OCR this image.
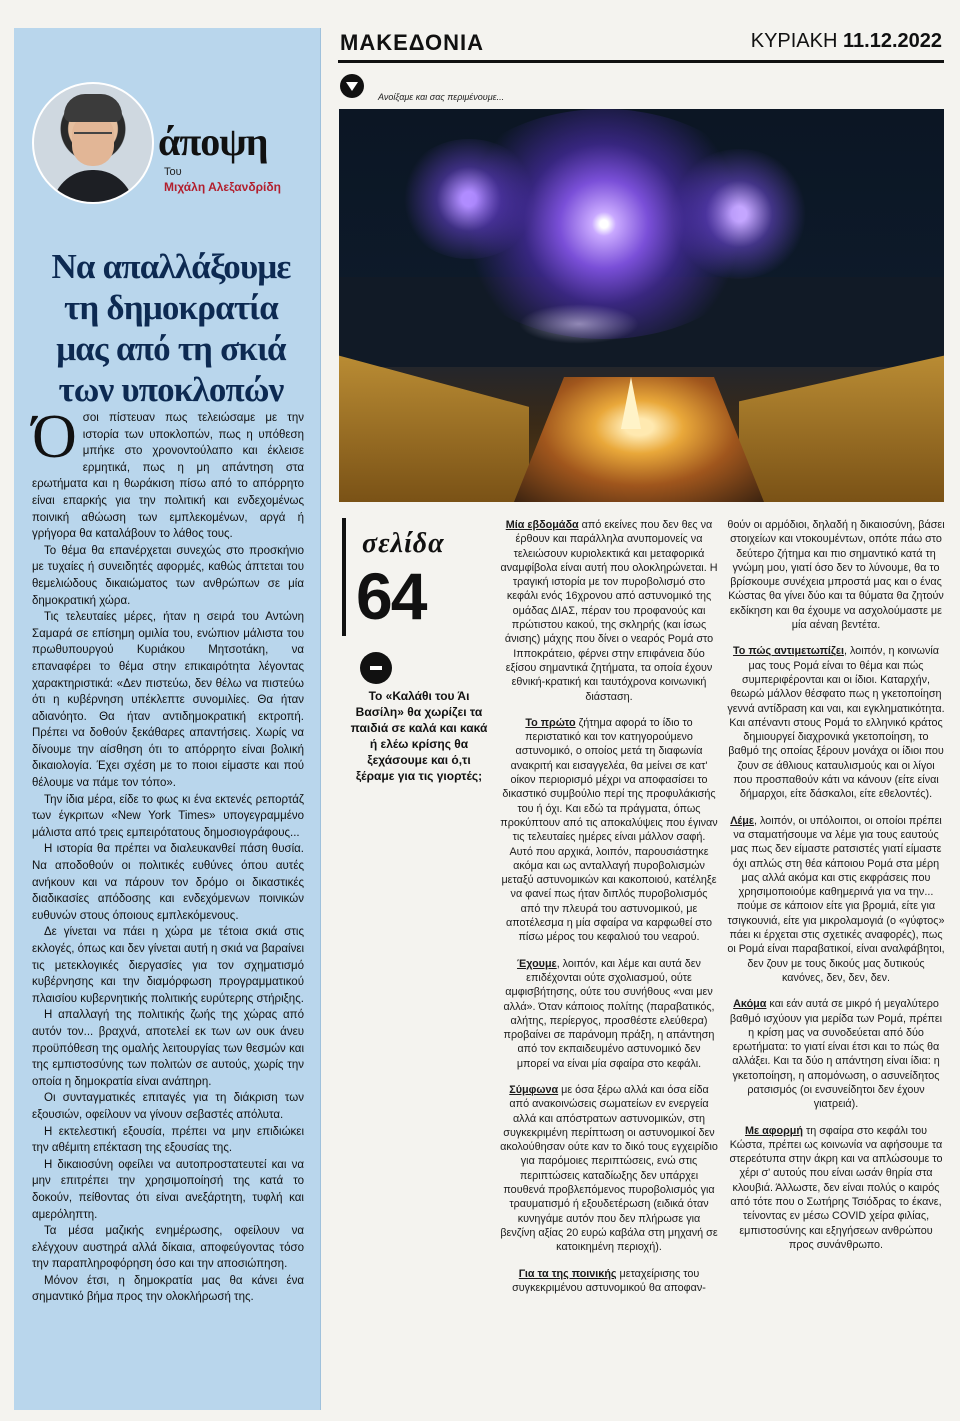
άποψη
Του
Μιχάλη Αλεξανδρίδη
Να απαλλάξουμε τη δημοκρατία μας από τη σκιά των υποκλοπών

Όσοι πίστευαν πως τελειώσαμε με την ιστορία των υποκλοπών, πως η υπόθεση μπήκε στο χρονοντούλαπο και έκλεισε ερμητικά, πως η μη απάντηση στα ερωτήματα και η θωράκιση πίσω από το απόρρητο είναι επαρκής για την πολιτική και ενδεχομένως ποινική αθώωση των εμπλεκομένων, αργά ή γρήγορα θα καταλάβουν το λάθος τους.

Το θέμα θα επανέρχεται συνεχώς στο προσκήνιο με τυχαίες ή συνειδητές αφορμές, καθώς άπτεται του θεμελιώδους δικαιώματος των ανθρώπων σε μία δημοκρατική χώρα.

Τις τελευταίες μέρες, ήταν η σειρά του Αντώνη Σαμαρά σε επίσημη ομιλία του, ενώπιον μάλιστα του πρωθυπουργού Κυριάκου Μητσοτάκη, να επαναφέρει το θέμα στην επικαιρότητα λέγοντας χαρακτηριστικά: «Δεν πιστεύω, δεν θέλω να πιστεύω ότι η κυβέρνηση υπέκλεπτε συνομιλίες. Θα ήταν αδιανόητο. Θα ήταν αντιδημοκρατική εκτροπή. Πρέπει να δοθούν ξεκάθαρες απαντήσεις. Χωρίς να δίνουμε την αίσθηση ότι το απόρρητο είναι βολική δικαιολογία. Έχει σχέση με το ποιοι είμαστε και πού θέλουμε να πάμε τον τόπο».

Την ίδια μέρα, είδε το φως κι ένα εκτενές ρεπορτάζ των έγκριτων «New York Times» υπογεγραμμένο μάλιστα από τρεις εμπειρότατους δημοσιογράφους...

Η ιστορία θα πρέπει να διαλευκανθεί πάση θυσία. Να αποδοθούν οι πολιτικές ευθύνες όπου αυτές ανήκουν και να πάρουν τον δρόμο οι δικαστικές διαδικασίες απόδοσης και ενδεχόμενων ποινικών ευθυνών στους όποιους εμπλεκόμενους.

Δε γίνεται να πάει η χώρα με τέτοια σκιά στις εκλογές, όπως και δεν γίνεται αυτή η σκιά να βαραίνει τις μετεκλογικές διεργασίες για τον σχηματισμό κυβέρνησης και την διαμόρφωση προγραμματικού πλαισίου κυβερνητικής πολιτικής ευρύτερης στήριξης.

Η απαλλαγή της πολιτικής ζωής της χώρας από αυτόν τον... βραχνά, αποτελεί εκ των ων ουκ άνευ προϋπόθεση της ομαλής λειτουργίας των θεσμών και της εμπιστοσύνης των πολιτών σε αυτούς, χωρίς την οποία η δημοκρατία είναι ανάπηρη.

Οι συνταγματικές επιταγές για τη διάκριση των εξουσιών, οφείλουν να γίνουν σεβαστές απόλυτα.

Η εκτελεστική εξουσία, πρέπει να μην επιδιώκει την αθέμιτη επέκταση της εξουσίας της.

Η δικαιοσύνη οφείλει να αυτοπροστατευτεί και να μην επιτρέπει την χρησιμοποίησή της κατά το δοκούν, πείθοντας ότι είναι ανεξάρτητη, τυφλή και αμερόληπτη.

Τα μέσα μαζικής ενημέρωσης, οφείλουν να ελέγχουν αυστηρά αλλά δίκαια, αποφεύγοντας τόσο την παραπληροφόρηση όσο και την αποσιώπηση.

Μόνον έτσι, η δημοκρατία μας θα κάνει ένα σημαντικό βήμα προς την ολοκλήρωσή της.

ΜΑΚΕΔΟΝΙΑ	ΚΥΡΙΑΚΗ 11.12.2022
Ανοίξαμε και σας περιμένουμε...
σελίδα
64
Το «Καλάθι του Άι Βασίλη» θα χωρίζει τα παιδιά σε καλά και κακά ή ελέω κρίσης θα ξεχάσουμε και ό,τι ξέραμε για τις γιορτές;

Μία εβδομάδα από εκείνες που δεν θες να έρθουν και παράλληλα ανυπομονείς να τελειώσουν κυριολεκτικά και μεταφορικά αναμφίβολα είναι αυτή που ολοκληρώνεται. Η τραγική ιστορία με τον πυροβολισμό στο κεφάλι ενός 16χρονου από αστυνομικό της ομάδας ΔΙΑΣ, πέραν του προφανούς και πρώτιστου κακού, της σκληρής (και ίσως άνισης) μάχης που δίνει ο νεαρός Ρομά στο Ιπποκράτειο, φέρνει στην επιφάνεια δύο εξίσου σημαντικά ζητήματα, τα οποία έχουν εθνική-κρατική και ταυτόχρονα κοινωνική διάσταση.

Το πρώτο ζήτημα αφορά το ίδιο το περιστατικό και τον κατηγορούμενο αστυνομικό, ο οποίος μετά τη διαφωνία ανακριτή και εισαγγελέα, θα μείνει σε κατ' οίκον περιορισμό μέχρι να αποφασίσει το δικαστικό συμβούλιο περί της προφυλάκισής του ή όχι. Και εδώ τα πράγματα, όπως προκύπτουν από τις αποκαλύψεις που έγιναν τις τελευταίες ημέρες είναι μάλλον σαφή. Αυτό που αρχικά, λοιπόν, παρουσιάστηκε ακόμα και ως ανταλλαγή πυροβολισμών μεταξύ αστυνομικών και κακοποιού, κατέληξε να φανεί πως ήταν διπλός πυροβολισμός από την πλευρά του αστυνομικού, με αποτέλεσμα η μία σφαίρα να καρφωθεί στο πίσω μέρος του κεφαλιού του νεαρού.

Έχουμε, λοιπόν, και λέμε και αυτά δεν επιδέχονται ούτε σχολιασμού, ούτε αμφισβήτησης, ούτε του συνήθους «ναι μεν αλλά». Όταν κάποιος πολίτης (παραβατικός, αλήτης, περίεργος, προσθέστε ελεύθερα) προβαίνει σε παράνομη πράξη, η απάντηση από τον εκπαιδευμένο αστυνομικό δεν μπορεί να είναι μία σφαίρα στο κεφάλι.

Σύμφωνα με όσα ξέρω αλλά και όσα είδα από ανακοινώσεις σωματείων εν ενεργεία αλλά και απόστρατων αστυνομικών, στη συγκεκριμένη περίπτωση οι αστυνομικοί δεν ακολούθησαν ούτε καν το δικό τους εγχειρίδιο για παρόμοιες περιπτώσεις, ενώ στις περιπτώσεις καταδίωξης δεν υπάρχει πουθενά προβλεπόμενος πυροβολισμός για τραυματισμό ή εξουδετέρωση (ειδικά όταν κυνηγάμε αυτόν που δεν πλήρωσε για βενζίνη αξίας 20 ευρώ καβάλα στη μηχανή σε κατοικημένη περιοχή).

Για τα της ποινικής μεταχείρισης του συγκεκριμένου αστυνομικού θα αποφαν-

θούν οι αρμόδιοι, δηλαδή η δικαιοσύνη, βάσει στοιχείων και ντοκουμέντων, οπότε πάω στο δεύτερο ζήτημα και πιο σημαντικό κατά τη γνώμη μου, γιατί όσο δεν το λύνουμε, θα το βρίσκουμε συνέχεια μπροστά μας και ο ένας Κώστας θα γίνει δύο και τα θύματα θα ζητούν εκδίκηση και θα έχουμε να ασχολούμαστε με μία αέναη βεντέτα.

Το πώς αντιμετωπίζει, λοιπόν, η κοινωνία μας τους Ρομά είναι το θέμα και πώς συμπεριφέρονται και οι ίδιοι. Καταρχήν, θεωρώ μάλλον θέσφατο πως η γκετοποίηση γεννά αντίδραση και ναι, και εγκληματικότητα. Και απέναντι στους Ρομά το ελληνικό κράτος δημιουργεί διαχρονικά γκετοποίηση, το βαθμό της οποίας ξέρουν μονάχα οι ίδιοι που ζουν σε άθλιους καταυλισμούς και οι λίγοι που προσπαθούν κάτι να κάνουν (είτε είναι δήμαρχοι, είτε δάσκαλοι, είτε εθελοντές).

Λέμε, λοιπόν, οι υπόλοιποι, οι οποίοι πρέπει να σταματήσουμε να λέμε για τους εαυτούς μας πως δεν είμαστε ρατσιστές γιατί είμαστε όχι απλώς στη θέα κάποιου Ρομά στα μέρη μας αλλά ακόμα και στις εκφράσεις που χρησιμοποιούμε καθημερινά για να την... πούμε σε κάποιον είτε για βρομιά, είτε για τσιγκουνιά, είτε για μικρολαμογιά (ο «γύφτος» πάει κι έρχεται στις σχετικές αναφορές), πως οι Ρομά είναι παραβατικοί, είναι αναλφάβητοι, δεν ζουν με τους δικούς μας δυτικούς κανόνες, δεν, δεν, δεν.

Ακόμα και εάν αυτά σε μικρό ή μεγαλύτερο βαθμό ισχύουν για μερίδα των Ρομά, πρέπει η κρίση μας να συνοδεύεται από δύο ερωτήματα: το γιατί είναι έτσι και το πώς θα αλλάξει. Και τα δύο η απάντηση είναι ίδια: η γκετοποίηση, η απομόνωση, ο ασυνείδητος ρατσισμός (οι ενσυνείδητοι δεν έχουν γιατρειά).

Με αφορμή τη σφαίρα στο κεφάλι του Κώστα, πρέπει ως κοινωνία να αφήσουμε τα στερεότυπα στην άκρη και να απλώσουμε το χέρι σ' αυτούς που είναι ωσάν θηρία στα κλουβιά. Άλλωστε, δεν είναι πολύς ο καιρός από τότε που ο Σωτήρης Τσιόδρας το έκανε, τείνοντας εν μέσω COVID χείρα φιλίας, εμπιστοσύνης και εξηγήσεων ανθρώπου προς συνάνθρωπο.
